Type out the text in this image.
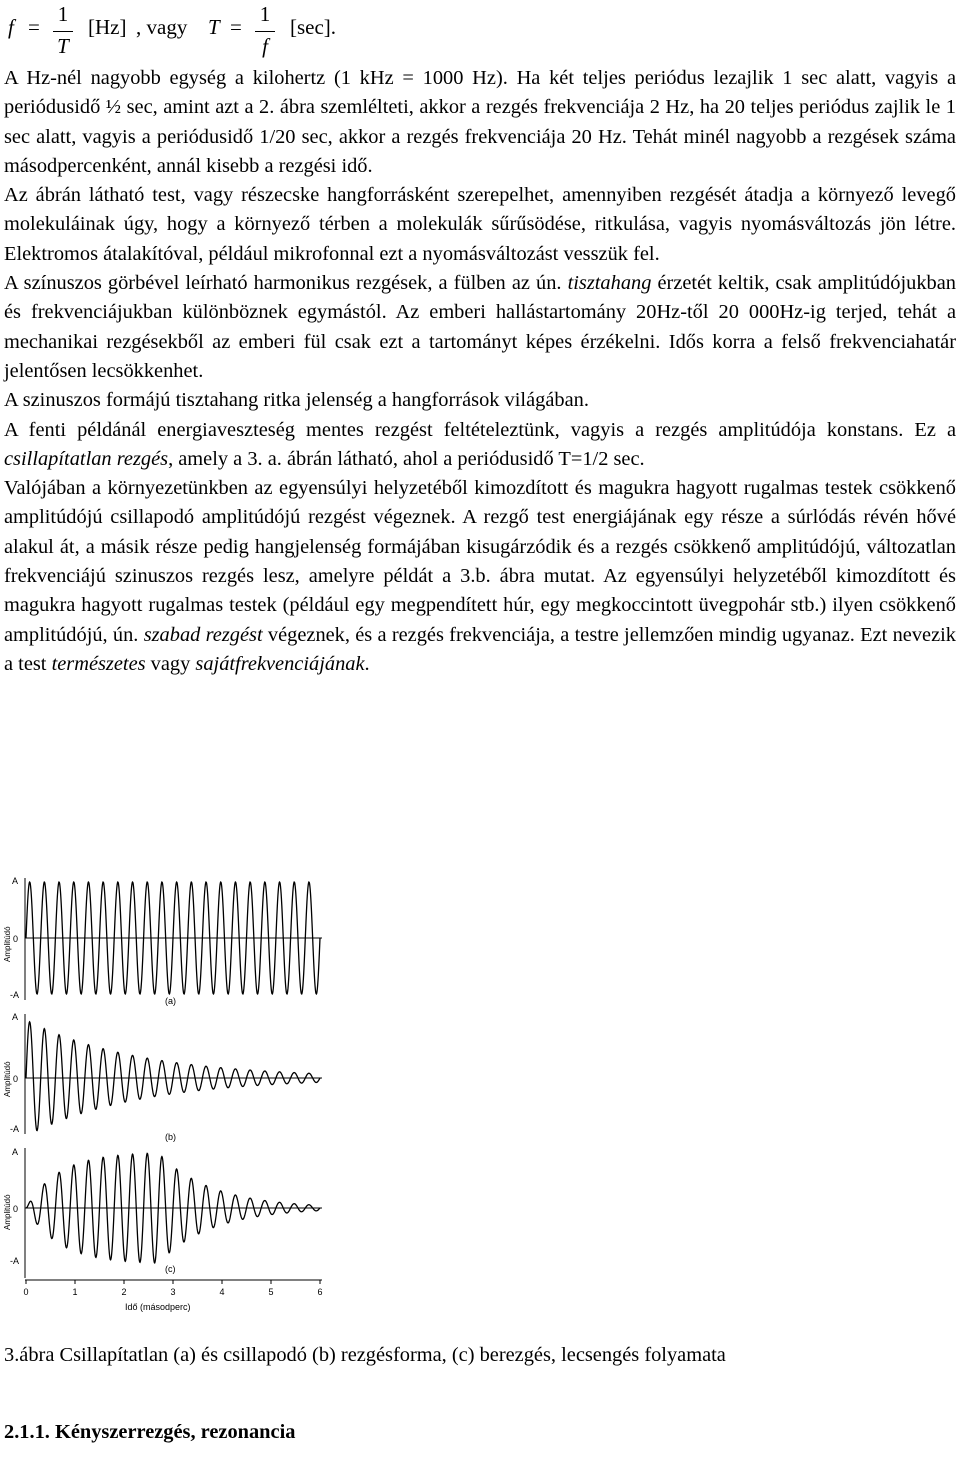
f =
1
T
[Hz] , vagy T =
1
f
[sec].

A Hz-nél nagyobb egység a kilohertz (1 kHz = 1000 Hz). Ha két teljes periódus lezajlik 1 sec alatt, vagyis a periódusidő ½ sec, amint azt a 2. ábra szemlélteti, akkor a rezgés frekvenciája 2 Hz, ha 20 teljes periódus zajlik le 1 sec alatt, vagyis a periódusidő 1/20 sec, akkor a rezgés frekvenciája 20 Hz. Tehát minél nagyobb a rezgések száma másodpercenként, annál kisebb a rezgési idő.

Az ábrán látható test, vagy részecske hangforrásként szerepelhet, amennyiben rezgését átadja a környező levegő molekuláinak úgy, hogy a környező térben a molekulák sűrűsödése, ritkulása, vagyis nyomásváltozás jön létre. Elektromos átalakítóval, például mikrofonnal ezt a nyomásváltozást vesszük fel.

A színuszos görbével leírható harmonikus rezgések, a fülben az ún. tisztahang érzetét keltik, csak amplitúdójukban és frekvenciájukban különböznek egymástól. Az emberi hallástartomány 20Hz-től 20 000Hz-ig terjed, tehát a mechanikai rezgésekből az emberi fül csak ezt a tartományt képes érzékelni. Idős korra a felső frekvenciahatár jelentősen lecsökkenhet.

A szinuszos formájú tisztahang ritka jelenség a hangforrások világában.

A fenti példánál energiaveszteség mentes rezgést feltételeztünk, vagyis a rezgés amplitúdója konstans. Ez a csillapítatlan rezgés, amely a 3. a. ábrán látható, ahol a periódusidő T=1/2 sec.

Valójában a környezetünkben az egyensúlyi helyzetéből kimozdított és magukra hagyott rugalmas testek csökkenő amplitúdójú csillapodó amplitúdójú rezgést végeznek. A rezgő test energiájának egy része a súrlódás révén hővé alakul át, a másik része pedig hangjelenség formájában kisugárzódik és a rezgés csökkenő amplitúdójú, változatlan frekvenciájú szinuszos rezgés lesz, amelyre példát a 3.b. ábra mutat. Az egyensúlyi helyzetéből kimozdított és magukra hagyott rugalmas testek (például egy megpendített húr, egy megkoccintott üvegpohár stb.) ilyen csökkenő amplitúdójú, ún. szabad rezgést végeznek, és a rezgés frekvenciája, a testre jellemzően mindig ugyanaz. Ezt nevezik a test természetes vagy sajátfrekvenciájának.

A
0
-A
Amplitúdó
(a)
A
0
-A
Amplitúdó
(b)
A
0
-A
Amplitúdó
(c)
0	1	2	3	4	5	6
Idő (másodperc)
3.ábra Csillapítatlan (a) és csillapodó (b) rezgésforma, (c) berezgés, lecsengés folyamata
2.1.1. Kényszerrezgés, rezonancia
